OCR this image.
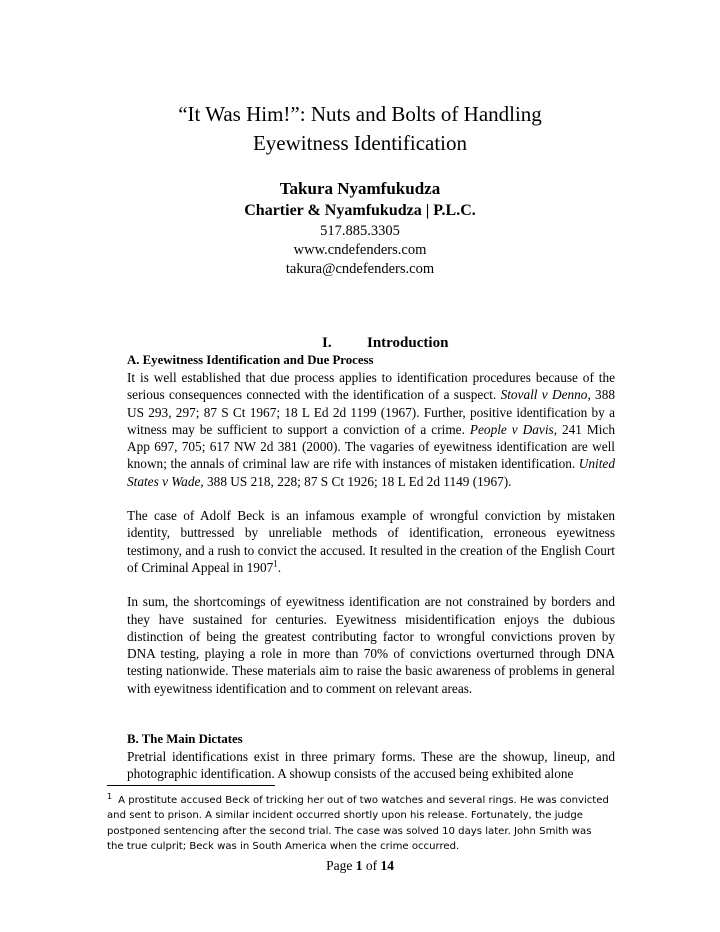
“It Was Him!”: Nuts and Bolts of Handling
Eyewitness Identification
Takura Nyamfukudza
Chartier & Nyamfukudza | P.L.C.
517.885.3305
www.cndefenders.com
takura@cndefenders.com
I. Introduction
A. Eyewitness Identification and Due Process

It is well established that due process applies to identification procedures because of the serious consequences connected with the identification of a suspect. Stovall v Denno, 388 US 293, 297; 87 S Ct 1967; 18 L Ed 2d 1199 (1967). Further, positive identification by a witness may be sufficient to support a conviction of a crime. People v Davis, 241 Mich App 697, 705; 617 NW 2d 381 (2000). The vagaries of eyewitness identification are well known; the annals of criminal law are rife with instances of mistaken identification. United States v Wade, 388 US 218, 228; 87 S Ct 1926; 18 L Ed 2d 1149 (1967).

The case of Adolf Beck is an infamous example of wrongful conviction by mistaken identity, buttressed by unreliable methods of identification, erroneous eyewitness testimony, and a rush to convict the accused. It resulted in the creation of the English Court of Criminal Appeal in 1907$^1$.

In sum, the shortcomings of eyewitness identification are not constrained by borders and they have sustained for centuries. Eyewitness misidentification enjoys the dubious distinction of being the greatest contributing factor to wrongful convictions proven by DNA testing, playing a role in more than 70% of convictions overturned through DNA testing nationwide. These materials aim to raise the basic awareness of problems in general with eyewitness identification and to comment on relevant areas.

B. The Main Dictates

Pretrial identifications exist in three primary forms. These are the showup, lineup, and photographic identification. A showup consists of the accused being exhibited alone

$^1$ A prostitute accused Beck of tricking her out of two watches and several rings. He was convicted and sent to prison. A similar incident occurred shortly upon his release. Fortunately, the judge postponed sentencing after the second trial. The case was solved 10 days later. John Smith was the true culprit; Beck was in South America when the crime occurred.
Page 1 of 14
